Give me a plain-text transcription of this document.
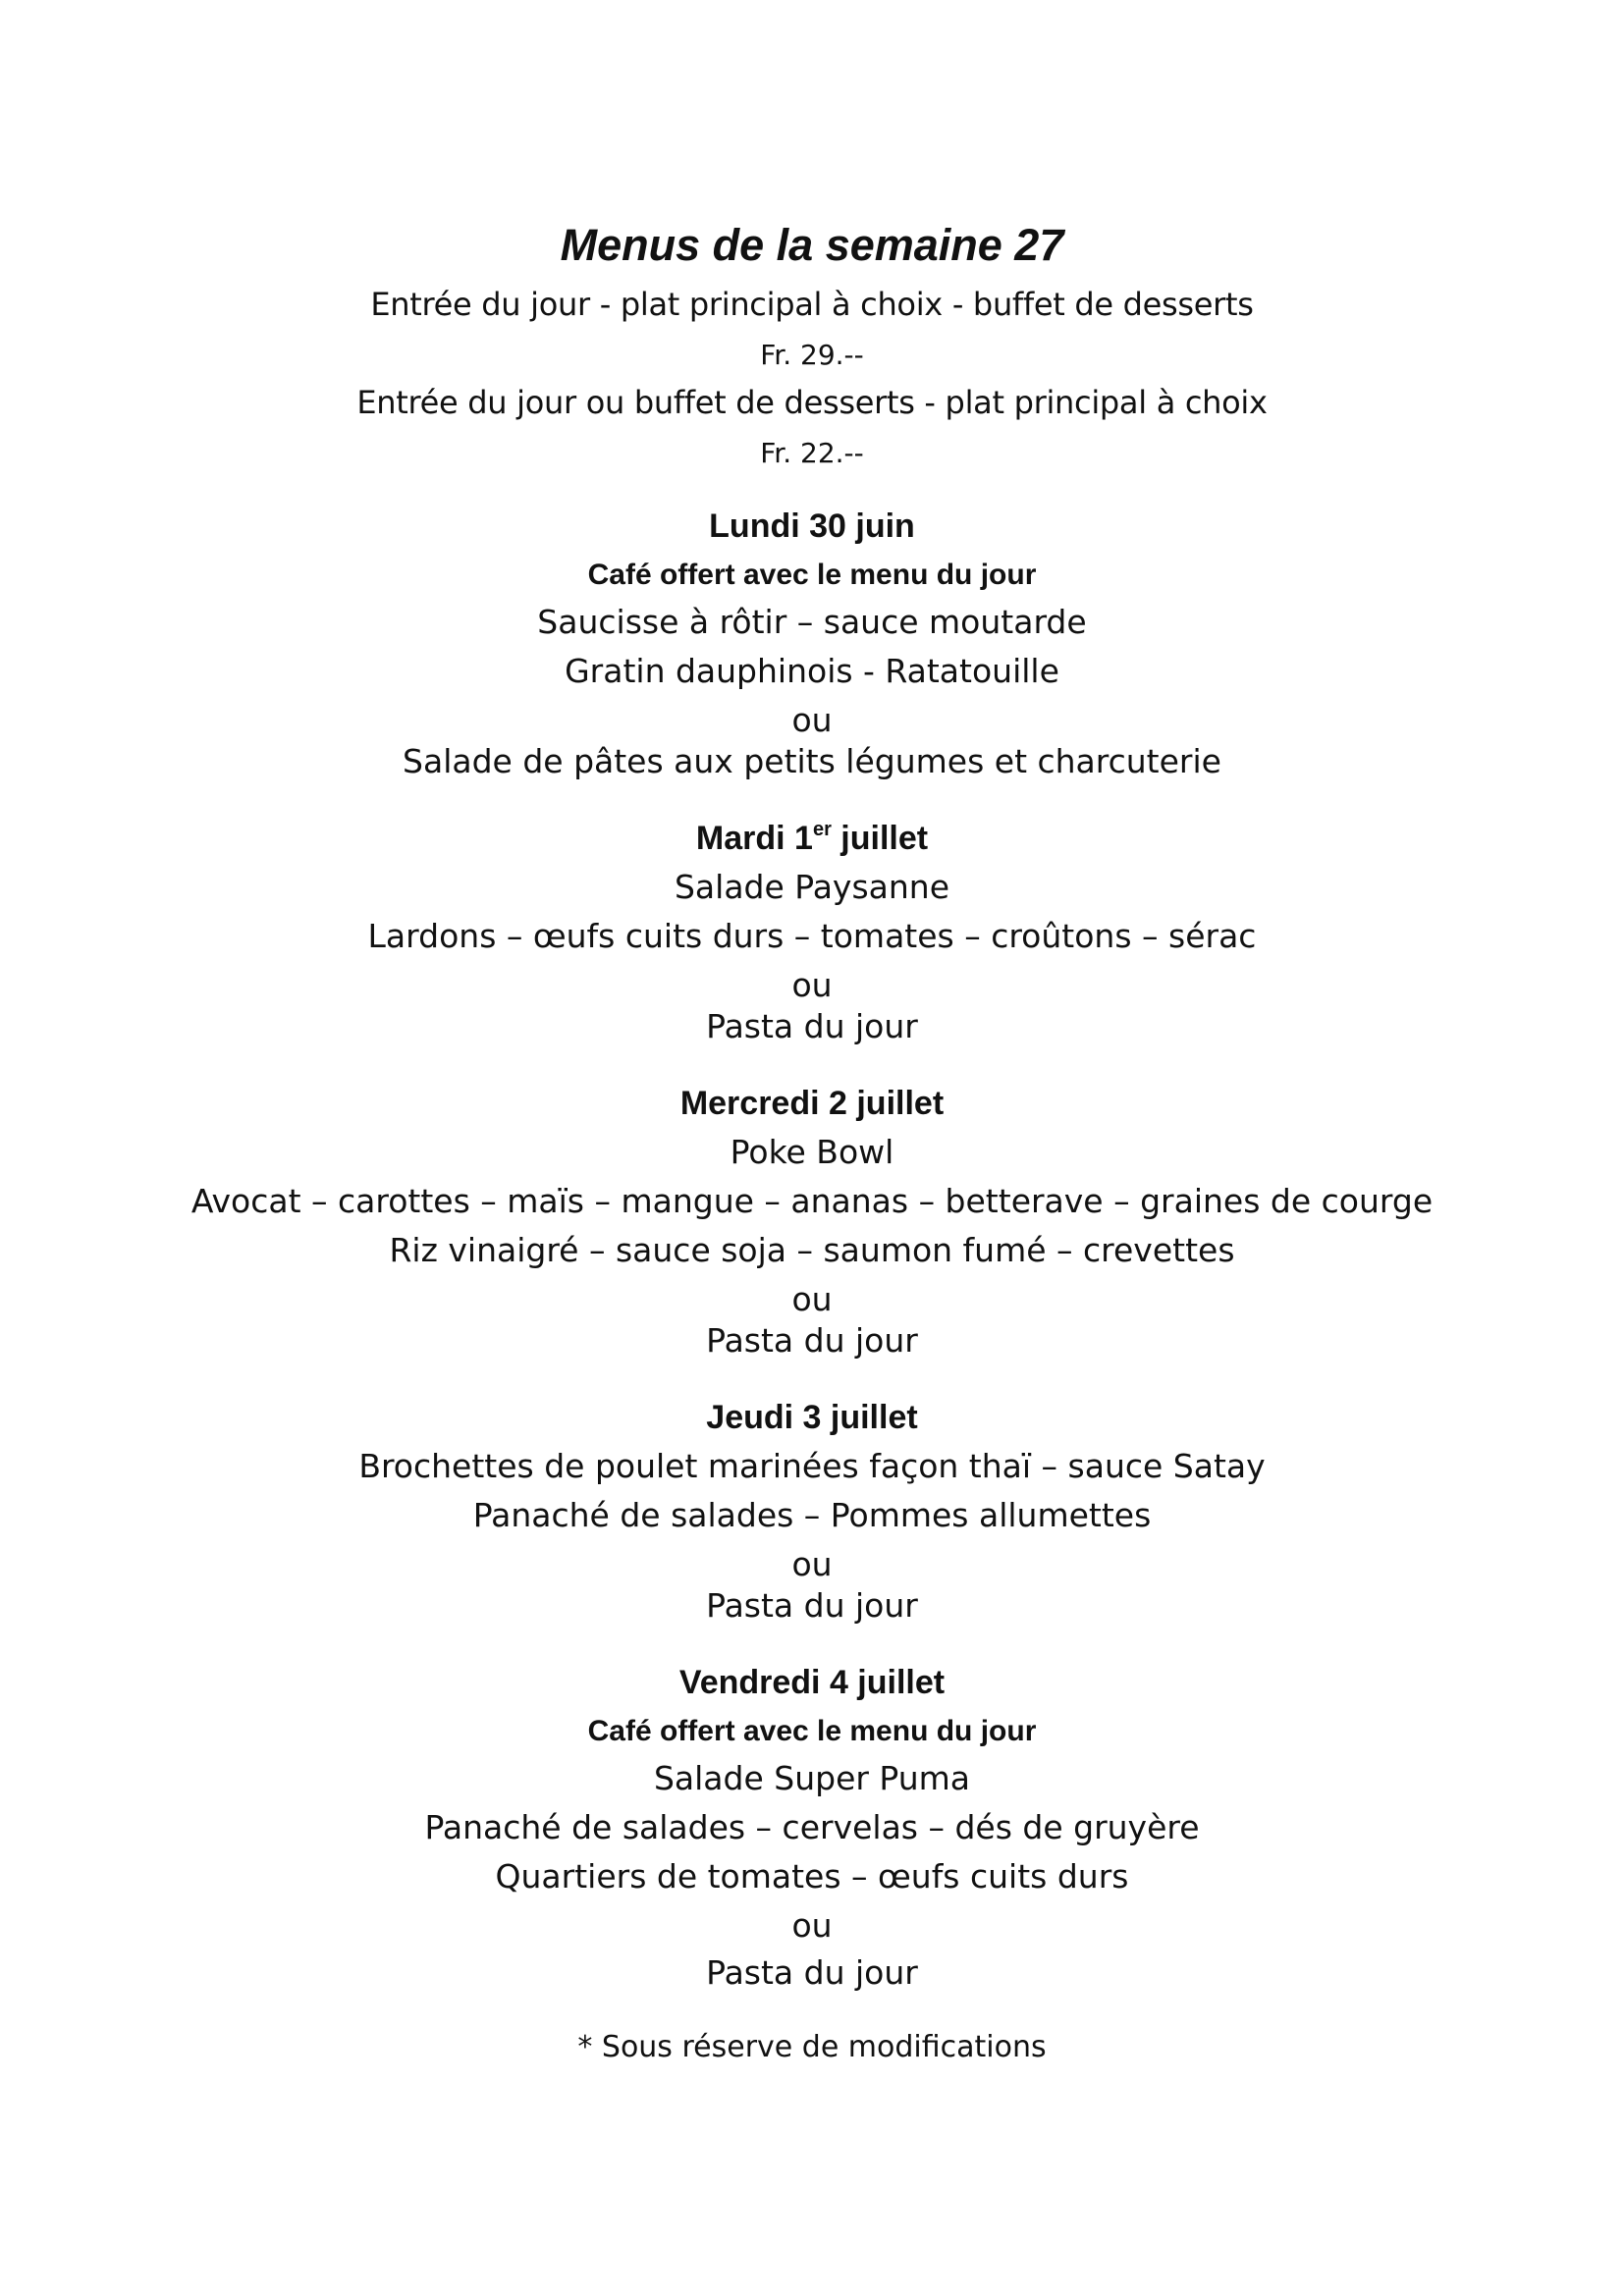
Menus de la semaine 27
Entrée du jour - plat principal à choix - buffet de desserts
Fr. 29.--
Entrée du jour ou buffet de desserts - plat principal à choix
Fr. 22.--
Lundi 30 juin
Café offert avec le menu du jour
Saucisse à rôtir – sauce moutarde
Gratin dauphinois - Ratatouille
ou
Salade de pâtes aux petits légumes et charcuterie
Mardi 1er juillet
Salade Paysanne
Lardons – œufs cuits durs – tomates – croûtons – sérac
ou
Pasta du jour
Mercredi 2 juillet
Poke Bowl
Avocat – carottes – maïs – mangue – ananas – betterave – graines de courge
Riz vinaigré – sauce soja – saumon fumé – crevettes
ou
Pasta du jour
Jeudi 3 juillet
Brochettes de poulet marinées façon thaï – sauce Satay
Panaché de salades – Pommes allumettes
ou
Pasta du jour
Vendredi 4 juillet
Café offert avec le menu du jour
Salade Super Puma
Panaché de salades – cervelas – dés de gruyère
Quartiers de tomates – œufs cuits durs
ou
Pasta du jour
* Sous réserve de modifications
